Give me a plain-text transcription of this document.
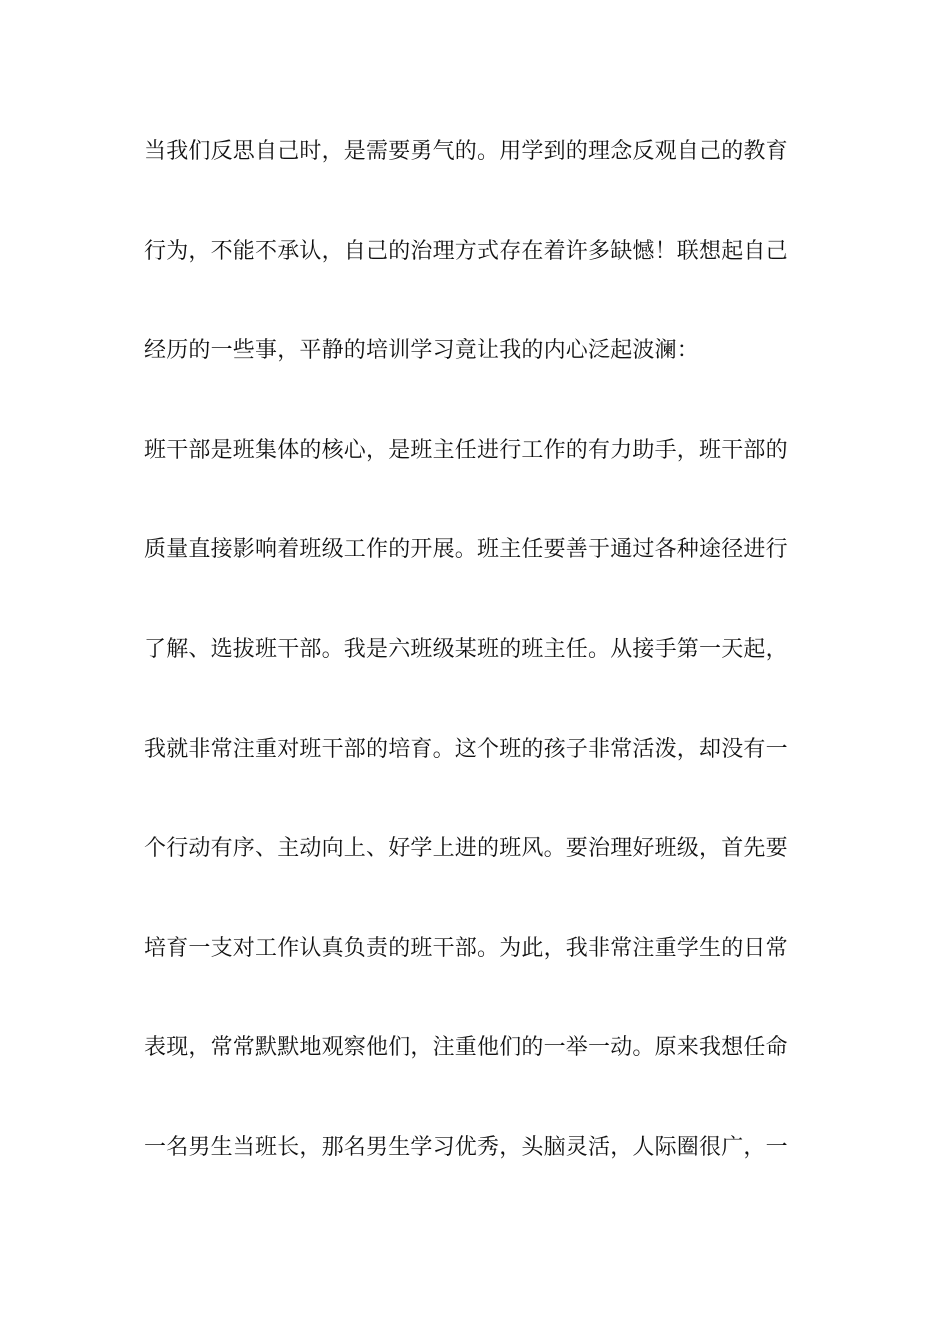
当我们反思自己时，是需要勇气的。用学到的理念反观自己的教育
行为，不能不承认，自己的治理方式存在着许多缺憾！联想起自己
经历的一些事，平静的培训学习竟让我的内心泛起波澜：
班干部是班集体的核心，是班主任进行工作的有力助手，班干部的
质量直接影响着班级工作的开展。班主任要善于通过各种途径进行
了解、选拔班干部。我是六班级某班的班主任。从接手第一天起，
我就非常注重对班干部的培育。这个班的孩子非常活泼，却没有一
个行动有序、主动向上、好学上进的班风。要治理好班级，首先要
培育一支对工作认真负责的班干部。为此，我非常注重学生的日常
表现，常常默默地观察他们，注重他们的一举一动。原来我想任命
一名男生当班长，那名男生学习优秀，头脑灵活，人际圈很广，一
